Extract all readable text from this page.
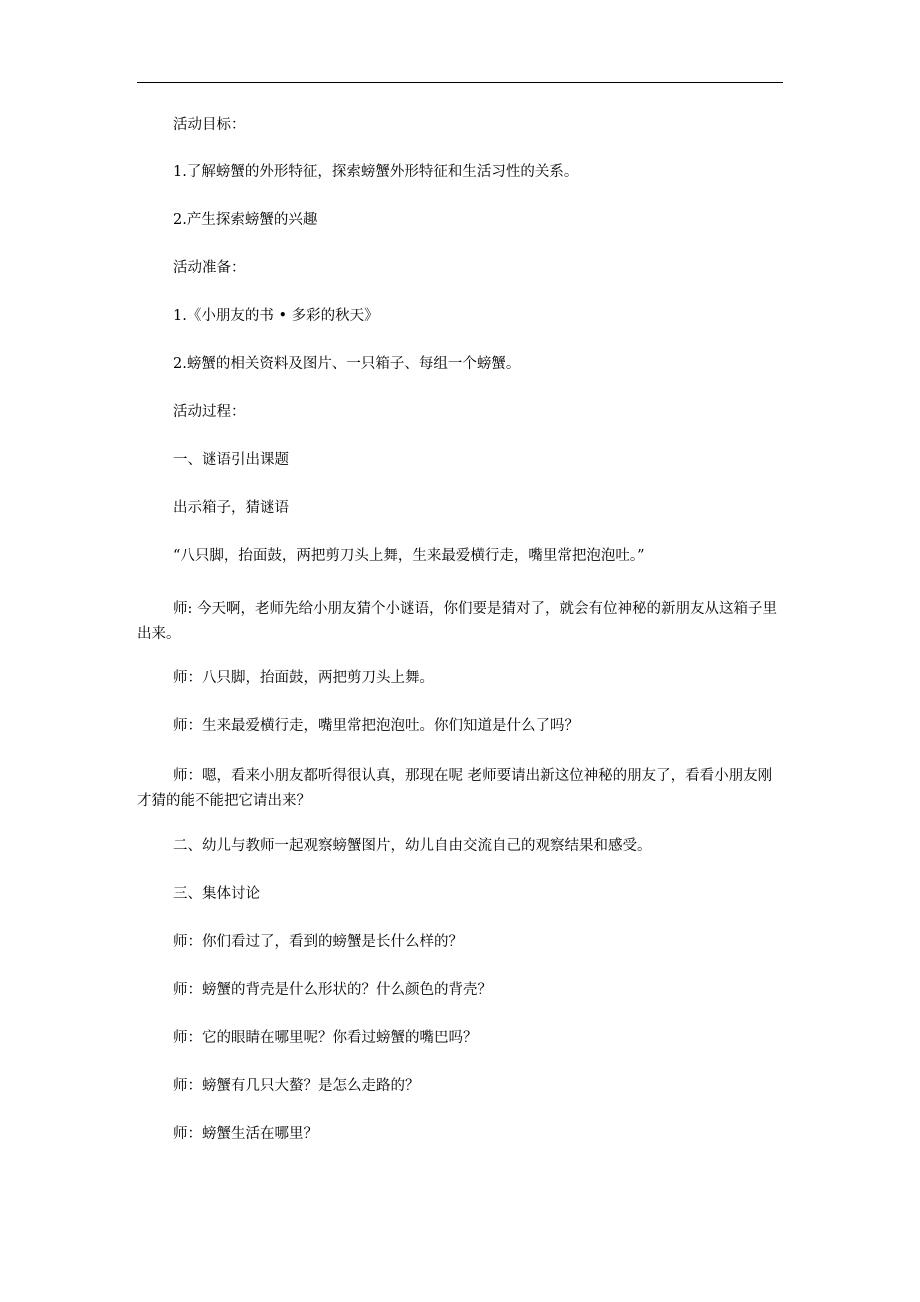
活动目标：

1.了解螃蟹的外形特征，探索螃蟹外形特征和生活习性的关系。

2.产生探索螃蟹的兴趣

活动准备：

1.《小朋友的书 • 多彩的秋天》

2.螃蟹的相关资料及图片、一只箱子、每组一个螃蟹。

活动过程：

一、谜语引出课题

出示箱子，猜谜语

“八只脚，抬面鼓，两把剪刀头上舞，生来最爱横行走，嘴里常把泡泡吐。”

师: 今天啊，老师先给小朋友猜个小谜语，你们要是猜对了，就会有位神秘的新朋友从这箱子里出来。

师：八只脚，抬面鼓，两把剪刀头上舞。

师：生来最爱横行走，嘴里常把泡泡吐。你们知道是什么了吗？

师：嗯，看来小朋友都听得很认真，那现在呢 老师要请出新这位神秘的朋友了，看看小朋友刚才猜的能不能把它请出来？

二、幼儿与教师一起观察螃蟹图片，幼儿自由交流自己的观察结果和感受。

三、集体讨论

师：你们看过了，看到的螃蟹是长什么样的？

师：螃蟹的背壳是什么形状的？什么颜色的背壳？

师：它的眼睛在哪里呢？你看过螃蟹的嘴巴吗？

师：螃蟹有几只大螯？是怎么走路的？

师：螃蟹生活在哪里？
